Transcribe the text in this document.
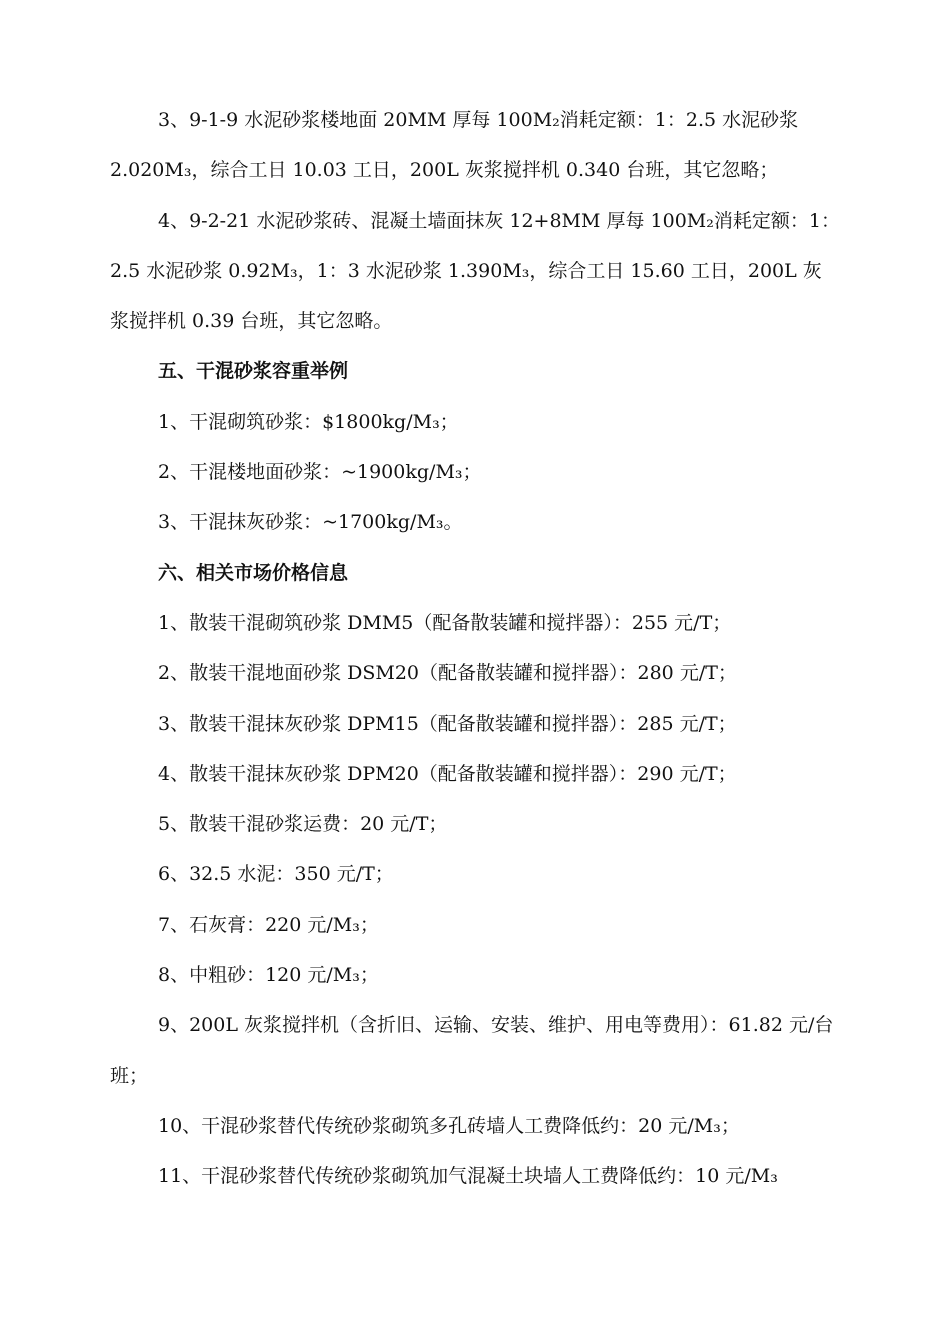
3、9-1-9 水泥砂浆楼地面 20MM 厚每 100M₂消耗定额：1：2.5 水泥砂浆 2.020M₃，综合工日 10.03 工日，200L 灰浆搅拌机 0.340 台班，其它忽略；

4、9-2-21 水泥砂浆砖、混凝土墙面抹灰 12+8MM 厚每 100M₂消耗定额：1：2.5 水泥砂浆 0.92M₃，1：3 水泥砂浆 1.390M₃，综合工日 15.60 工日，200L 灰浆搅拌机 0.39 台班，其它忽略。

五、干混砂浆容重举例

1、干混砌筑砂浆：$1800kg/M₃；

2、干混楼地面砂浆：~1900kg/M₃；

3、干混抹灰砂浆：~1700kg/M₃。

六、相关市场价格信息

1、散装干混砌筑砂浆 DMM5（配备散装罐和搅拌器）：255 元/T；

2、散装干混地面砂浆 DSM20（配备散装罐和搅拌器）：280 元/T；

3、散装干混抹灰砂浆 DPM15（配备散装罐和搅拌器）：285 元/T；

4、散装干混抹灰砂浆 DPM20（配备散装罐和搅拌器）：290 元/T；

5、散装干混砂浆运费：20 元/T；

6、32.5 水泥：350 元/T；

7、石灰膏：220 元/M₃；

8、中粗砂：120 元/M₃；

9、200L 灰浆搅拌机（含折旧、运输、安装、维护、用电等费用）：61.82 元/台班；

10、干混砂浆替代传统砂浆砌筑多孔砖墙人工费降低约：20 元/M₃；

11、干混砂浆替代传统砂浆砌筑加气混凝土块墙人工费降低约：10 元/M₃
